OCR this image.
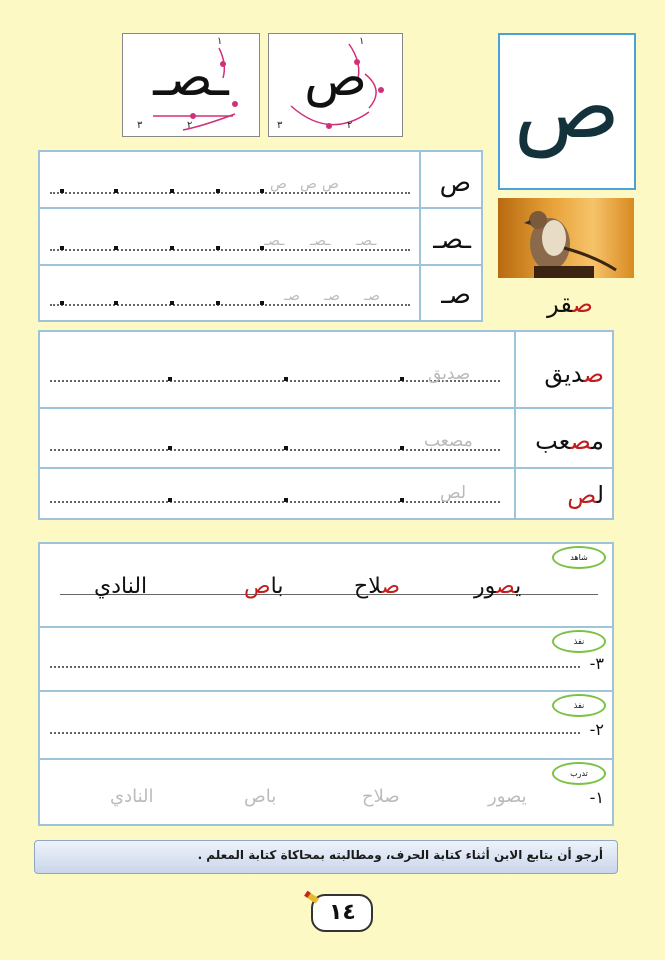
ص
ـصـ
١
٢
٣
ص
١
٢
٣
صقر
ص
ص
ص ص
ـصـ
ـصـ
ـصـ	ـصـ
صـ
صـ
صـ
صـ
صديق
صديق
مصعب
مصعب
لص
لص
شاهد
يصور
صلاح
باص
النادي
نفذ
-٣
نفذ
-٢
تدرب
-١
يصور
صلاح
باص
النادي
أرجو أن يتابع الابن أثناء كتابة الحرف، ومطالبته بمحاكاة كتابة المعلم .
١٤
